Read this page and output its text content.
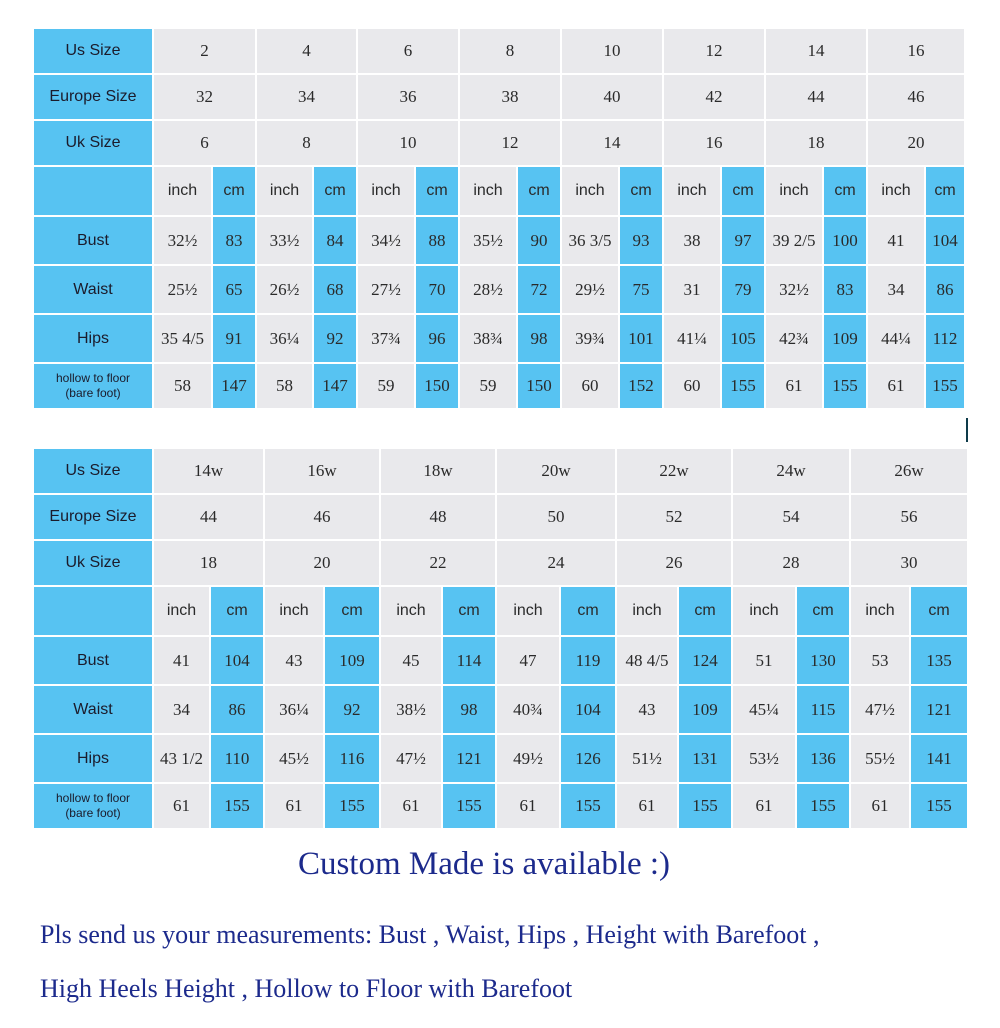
Us Size	2		4		6		8		10		12		14		16	
Europe Size	32		34		36		38		40		42		44		46	
Uk Size	6		8		10		12		14		16		18		20	
	inch	cm	inch	cm	inch	cm	inch	cm	inch	cm	inch	cm	inch	cm	inch	cm
Bust	32½	83	33½	84	34½	88	35½	90	36 3/5	93	38	97	39 2/5	100	41	104
Waist	25½	65	26½	68	27½	70	28½	72	29½	75	31	79	32½	83	34	86
Hips	35 4/5	91	36¼	92	37¾	96	38¾	98	39¾	101	41¼	105	42¾	109	44¼	112

hollow to floor
(bare foot)	58	147	58	147	59	150	59	150	60	152	60	155	61	155	61	155
Us Size	14w		16w		18w		20w		22w		24w		26w	
Europe Size	44		46		48		50		52		54		56	
Uk Size	18		20		22		24		26		28		30	
	inch	cm	inch	cm	inch	cm	inch	cm	inch	cm	inch	cm	inch	cm
Bust	41	104	43	109	45	114	47	119	48 4/5	124	51	130	53	135
Waist	34	86	36¼	92	38½	98	40¾	104	43	109	45¼	115	47½	121
Hips	43 1/2	110	45½	116	47½	121	49½	126	51½	131	53½	136	55½	141

hollow to floor
(bare foot)	61	155	61	155	61	155	61	155	61	155	61	155	61	155
Custom Made is available :)
Pls send us your measurements: Bust , Waist, Hips , Height with Barefoot ,
High Heels Height , Hollow to Floor with Barefoot
